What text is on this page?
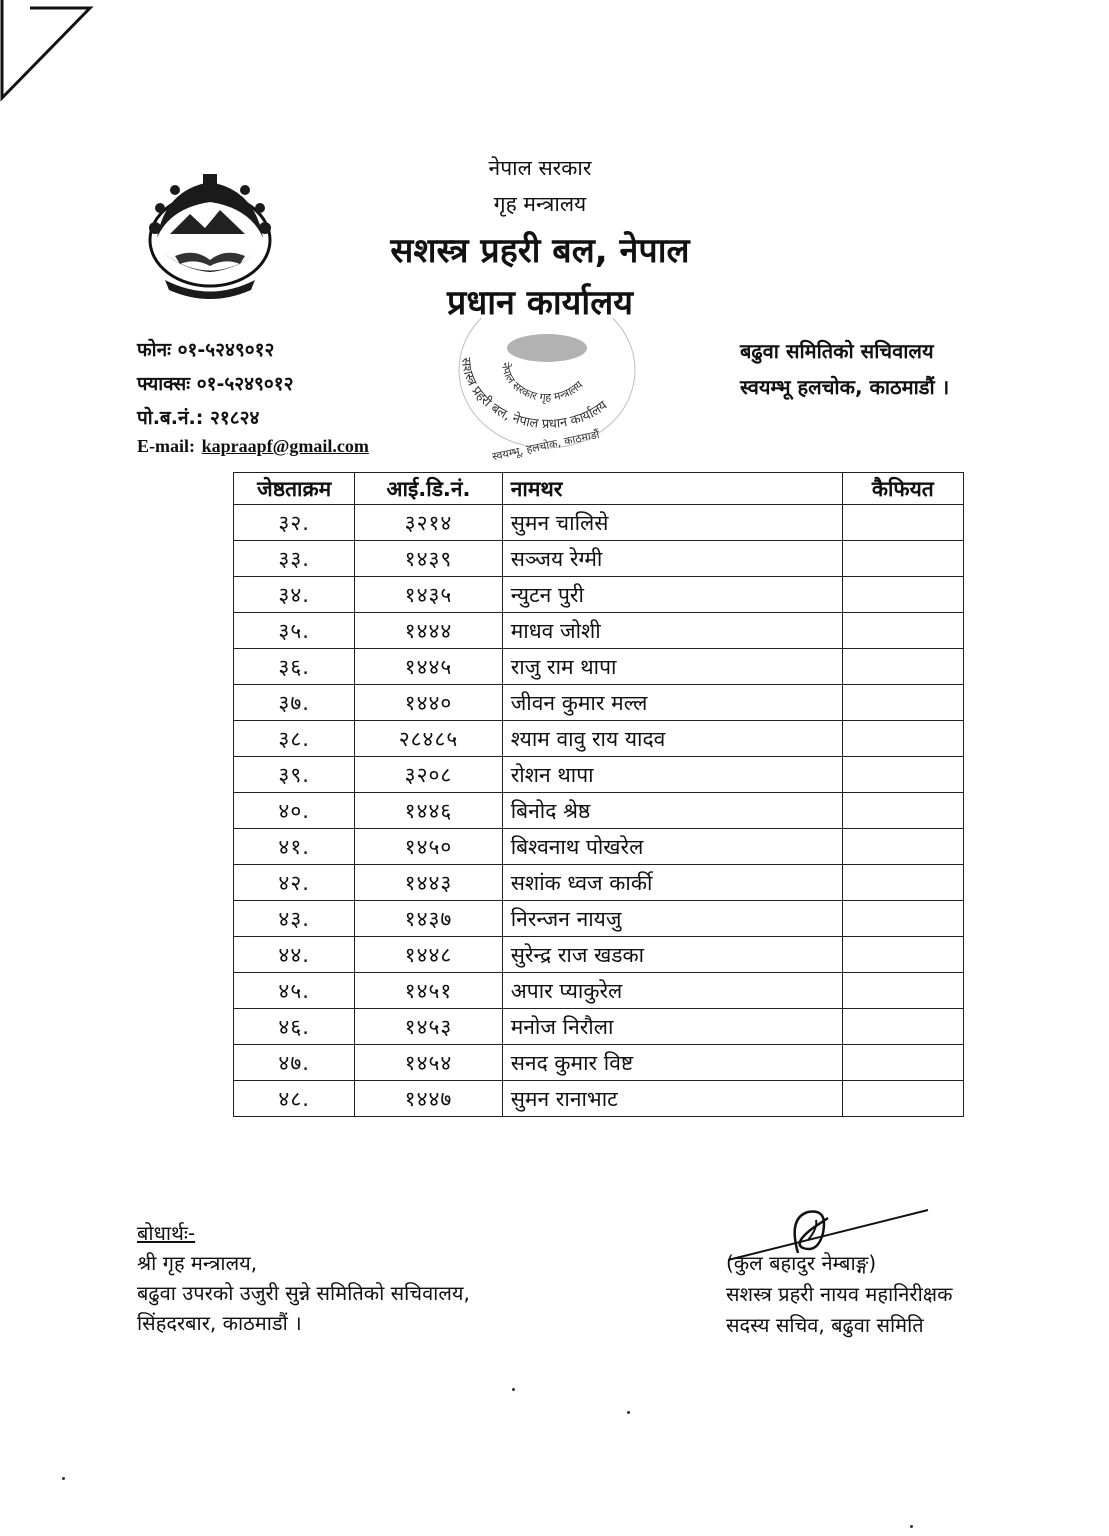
नेपाल सरकार
गृह मन्त्रालय
सशस्त्र प्रहरी बल, नेपाल
प्रधान कार्यालय
सशस्त्र प्रहरी बल, नेपाल प्रधान कार्यालय
नेपाल सरकार गृह मन्त्रालय
स्वयम्भू, हलचोक, काठमाडौं
फोनः ०१-५२४९०१२
फ्याक्सः ०१-५२४९०१२
पो.ब.नं.: २१८२४
E-mail: kapraapf@gmail.com
बढुवा समितिको सचिवालय
स्वयम्भू हलचोक, काठमाडौं ।
जेष्ठताक्रम	आई.डि.नं.	नामथर	कैफियत
३२.	३२१४	सुमन चालिसे	
३३.	१४३९	सञ्जय रेग्मी	
३४.	१४३५	न्युटन पुरी	
३५.	१४४४	माधव जोशी	
३६.	१४४५	राजु राम थापा	
३७.	१४४०	जीवन कुमार मल्ल	
३८.	२८४८५	श्याम वावु राय यादव	
३९.	३२०८	रोशन थापा	
४०.	१४४६	बिनोद श्रेष्ठ	
४१.	१४५०	बिश्वनाथ पोखरेल	
४२.	१४४३	सशांक ध्वज कार्की	
४३.	१४३७	निरन्जन नायजु	
४४.	१४४८	सुरेन्द्र राज खडका	
४५.	१४५१	अपार प्याकुरेल	
४६.	१४५३	मनोज निरौला	
४७.	१४५४	सनद कुमार विष्ट	
४८.	१४४७	सुमन रानाभाट	
बोधार्थः-
श्री गृह मन्त्रालय,
बढुवा उपरको उजुरी सुन्ने समितिको सचिवालय,
सिंहदरबार, काठमाडौं ।
(कुल बहादुर नेम्बाङ्ग)
सशस्त्र प्रहरी नायव महानिरीक्षक
सदस्य सचिव, बढुवा समिति
